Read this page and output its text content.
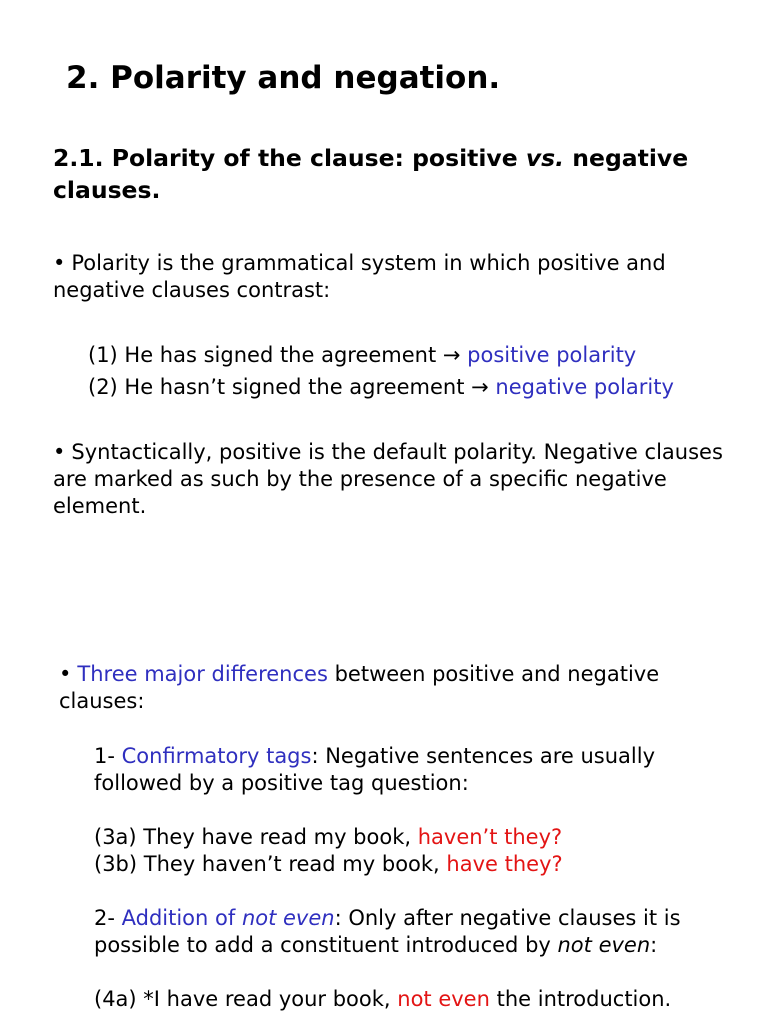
2. Polarity and negation.
2.1. Polarity of the clause: positive vs. negative clauses.

• Polarity is the grammatical system in which positive and negative clauses contrast:

(1) He has signed the agreement → positive polarity
(2) He hasn’t signed the agreement → negative polarity

• Syntactically, positive is the default polarity. Negative clauses are marked as such by the presence of a specific negative element.

• Three major differences between positive and negative clauses:

1- Confirmatory tags: Negative sentences are usually followed by a positive tag question:
(3a) They have read my book, haven’t they?
(3b) They haven’t read my book, have they?
2- Addition of not even: Only after negative clauses it is possible to add a constituent introduced by not even:
(4a) *I have read your book, not even the introduction.
